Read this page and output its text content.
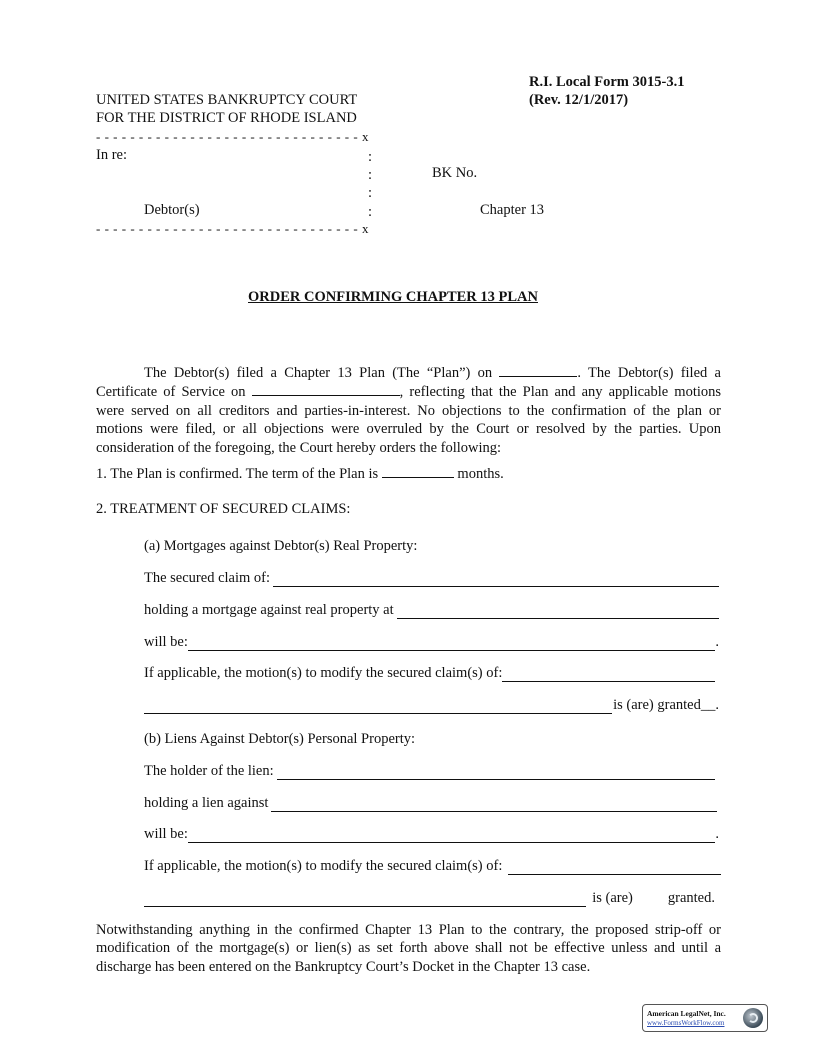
R.I. Local Form 3015-3.1
(Rev. 12/1/2017)
UNITED STATES BANKRUPTCY COURT
FOR THE DISTRICT OF RHODE ISLAND
- - - - - - - - - - - - - - - - - - - - - - - - - - - - - - - x
In re:	:
:
:
:
BK No.
Debtor(s)	Chapter 13
- - - - - - - - - - - - - - - - - - - - - - - - - - - - - - - x
ORDER CONFIRMING CHAPTER 13 PLAN
The Debtor(s) filed a Chapter 13 Plan (The “Plan”) on	. The Debtor(s) filed a Certificate of Service on	, reflecting that the Plan and any applicable motions were served on all creditors and parties-in-interest. No objections to the confirmation of the plan or motions were filed, or all objections were overruled by the Court or resolved by the parties. Upon consideration of the foregoing, the Court hereby orders the following:
1. The Plan is confirmed. The term of the Plan is	months.
2. TREATMENT OF SECURED CLAIMS:
(a) Mortgages against Debtor(s) Real Property:
The secured claim of:
holding a mortgage against real property at
will be:	.
If applicable, the motion(s) to modify the secured claim(s) of:
is (are) granted__.
(b) Liens Against Debtor(s) Personal Property:
The holder of the lien:
holding a lien against
will be:	.
If applicable, the motion(s) to modify the secured claim(s) of:
is (are) granted.
Notwithstanding anything in the confirmed Chapter 13 Plan to the contrary, the proposed strip-off or modification of the mortgage(s) or lien(s) as set forth above shall not be effective unless and until a discharge has been entered on the Bankruptcy Court’s Docket in the Chapter 13 case.
American LegalNet, Inc.
www.FormsWorkFlow.com
